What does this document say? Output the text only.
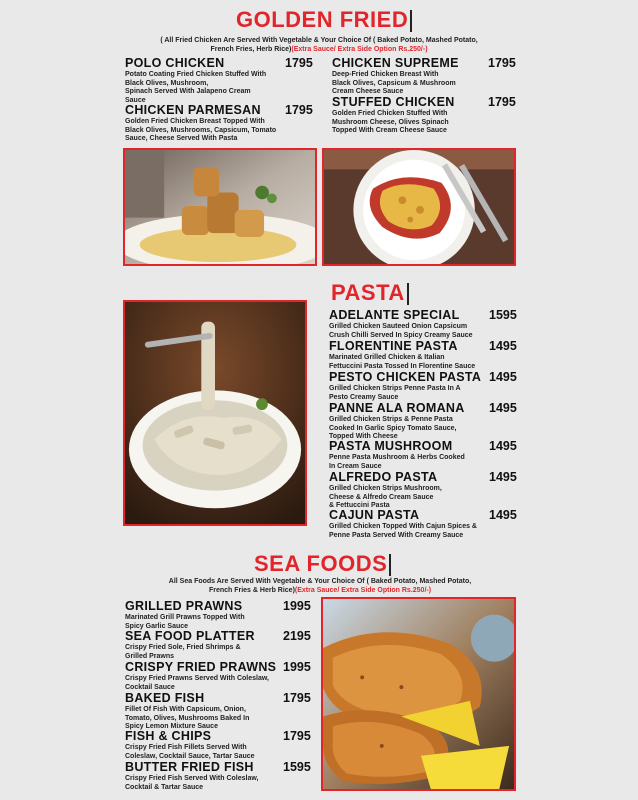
GOLDEN FRIED
( All Fried Chicken Are Served With Vegetable & Your Choice Of ( Baked Potato, Mashed Potato,
French Fries, Herb Rice)(Extra Sauce/ Extra Side Option Rs.250/-)
POLO CHICKEN	1795
Potato Coating Fried Chicken Stuffed With
Black Olives, Mushroom,
Spinach Served With Jalapeno Cream
Sauce
CHICKEN SUPREME	1795
Deep-Fried Chicken Breast With
Black Olives, Capsicum & Mushroom
Cream Cheese Sauce
CHICKEN PARMESAN	1795
Golden Fried Chicken Breast Topped With
Black Olives, Mushrooms, Capsicum, Tomato
Sauce, Cheese Served With Pasta
STUFFED CHICKEN	1795
Golden Fried Chicken Stuffed With
Mushroom Cheese, Olives Spinach
Topped With Cream Cheese Sauce
PASTA
ADELANTE SPECIAL	1595
Grilled Chicken Sauteed Onion Capsicum
Crush Chilli Served In Spicy Creamy Sauce
FLORENTINE PASTA	1495
Marinated Grilled Chicken & Italian
Fettuccini Pasta Tossed In Florentine Sauce
PESTO CHICKEN PASTA 1495
Grilled Chicken Strips Penne Pasta In A
Pesto Creamy Sauce
PANNE ALA ROMANA	1495
Grilled Chicken Strips & Penne Pasta
Cooked In Garlic Spicy Tomato Sauce,
Topped With Cheese
PASTA MUSHROOM	1495
Penne Pasta Mushroom & Herbs Cooked
In Cream Sauce
ALFREDO PASTA	1495
Grilled Chicken Strips Mushroom,
Cheese & Alfredo Cream Sauce
& Fettuccini Pasta
CAJUN PASTA	1495
Grilled Chicken Topped With Cajun Spices &
Penne Pasta Served With Creamy Sauce
SEA FOODS
All Sea Foods Are Served With Vegetable & Your Choice Of ( Baked Potato, Mashed Potato,
French Fries & Herb Rice)(Extra Sauce/ Extra Side Option Rs.250/-)
GRILLED PRAWNS	1995
Marinated Grill Prawns Topped With
Spicy Garlic Sauce
SEA FOOD PLATTER	2195
Crispy Fried Sole, Fried Shrimps &
Grilled Prawns
CRISPY FRIED PRAWNS 1995
Crispy Fried Prawns Served With Coleslaw,
Cocktail Sauce
BAKED FISH	1795
Fillet Of Fish With Capsicum, Onion,
Tomato, Olives, Mushrooms Baked In
Spicy Lemon Mixture Sauce
FISH & CHIPS	1795
Crispy Fried Fish Fillets Served With
Coleslaw, Cocktail Sauce, Tartar Sauce
BUTTER FRIED FISH	1595
Crispy Fried Fish Served With Coleslaw,
Cocktail & Tartar Sauce
